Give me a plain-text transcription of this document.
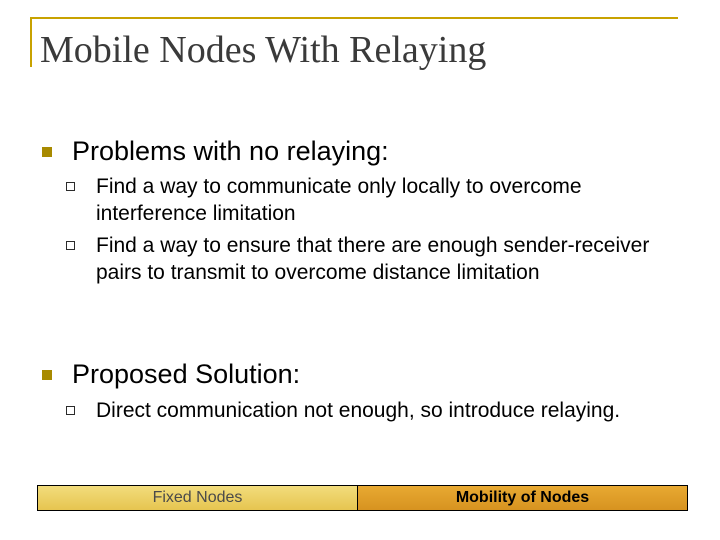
Mobile Nodes With Relaying
Problems with no relaying:
Find a way to communicate only locally to overcome interference limitation
Find a way to ensure that there are enough sender-receiver pairs to transmit to overcome distance limitation
Proposed Solution:
Direct communication not enough, so introduce relaying.
Fixed Nodes	Mobility of Nodes
